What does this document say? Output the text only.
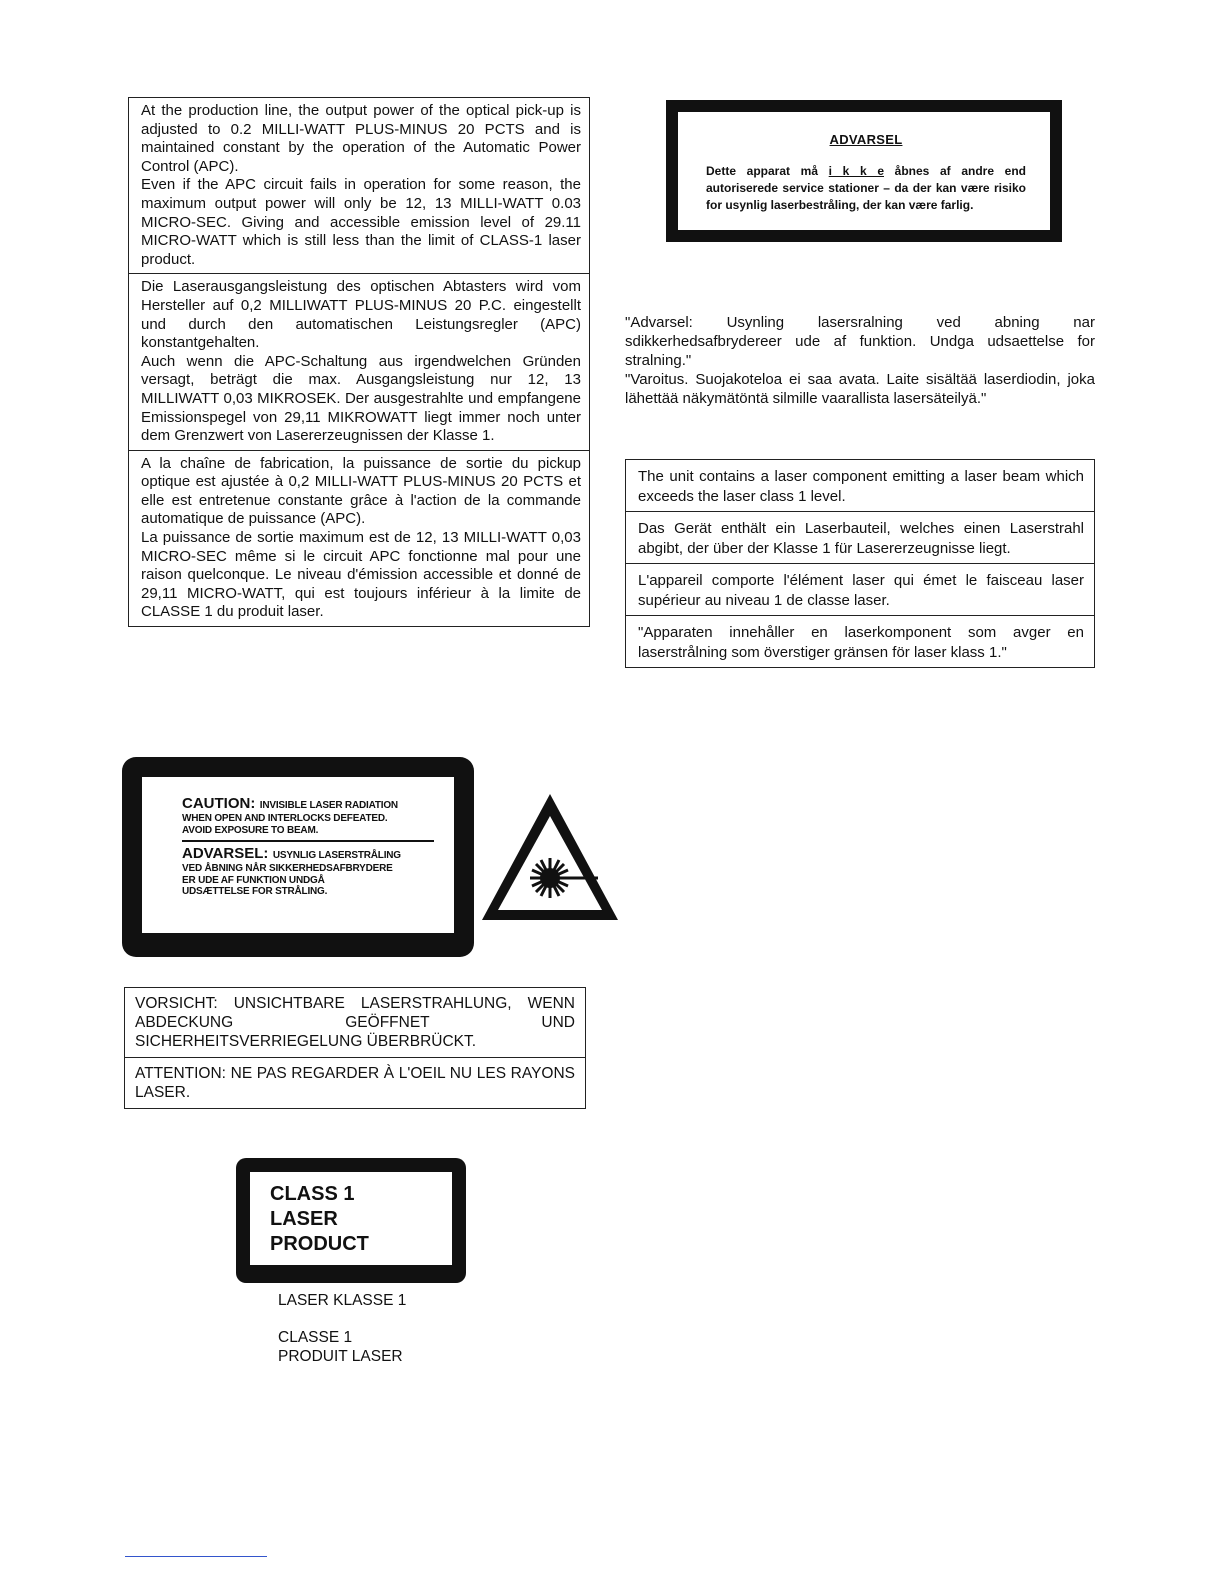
At the production line, the output power of the optical pick-up is adjusted to 0.2 MILLI-WATT PLUS-MINUS 20 PCTS and is maintained constant by the operation of the Automatic Power Control (APC).
Even if the APC circuit fails in operation for some reason, the maximum output power will only be 12, 13 MILLI-WATT 0.03 MICRO-SEC. Giving and accessible emission level of 29.11 MICRO-WATT which is still less than the limit of CLASS-1 laser product.
Die Laserausgangsleistung des optischen Abtasters wird vom Hersteller auf 0,2 MILLIWATT PLUS-MINUS 20 P.C. eingestellt und durch den automatischen Leistungsregler (APC) konstantgehalten.
Auch wenn die APC-Schaltung aus irgendwelchen Gründen versagt, beträgt die max. Ausgangsleistung nur 12, 13 MILLIWATT 0,03 MIKROSEK. Der ausgestrahlte und empfangene Emissionspegel von 29,11 MIKROWATT liegt immer noch unter dem Grenzwert von Lasererzeugnissen der Klasse 1.
A la chaîne de fabrication, la puissance de sortie du pickup optique est ajustée à 0,2 MILLI-WATT PLUS-MINUS 20 PCTS et elle est entretenue constante grâce à l'action de la commande automatique de puissance (APC).
La puissance de sortie maximum est de 12, 13 MILLI-WATT 0,03 MICRO-SEC même si le circuit APC fonctionne mal pour une raison quelconque. Le niveau d'émission accessible et donné de 29,11 MICRO-WATT, qui est toujours inférieur à la limite de CLASSE 1 du produit laser.
ADVARSEL
Dette apparat må i k k e åbnes af andre end autoriserede service stationer – da der kan være risiko for usynlig laserbestråling, der kan være farlig.

"Advarsel: Usynling lasersralning ved abning nar sdikkerhedsafbrydereer ude af funktion. Undga udsaettelse for stralning."

"Varoitus. Suojakoteloa ei saa avata. Laite sisältää laserdiodin, joka lähettää näkymätöntä silmille vaarallista lasersäteilyä."

The unit contains a laser component emitting a laser beam which exceeds the laser class 1 level.
Das Gerät enthält ein Laserbauteil, welches einen Laserstrahl abgibt, der über der Klasse 1 für Lasererzeugnisse liegt.
L'appareil comporte l'élément laser qui émet le faisceau laser supérieur au niveau 1 de classe laser.
"Apparaten innehåller en laserkomponent som avger en laserstrålning som överstiger gränsen för laser klass 1."
CAUTION: INVISIBLE LASER RADIATION
WHEN OPEN AND INTERLOCKS DEFEATED.
AVOID EXPOSURE TO BEAM.
ADVARSEL: USYNLIG LASERSTRÅLING
VED ÅBNING NÅR SIKKERHEDSAFBRYDERE
ER UDE AF FUNKTION UNDGÅ
UDSÆTTELSE FOR STRÅLING.
VORSICHT: UNSICHTBARE LASERSTRAHLUNG, WENN ABDECKUNG GEÖFFNET UND SICHERHEITSVERRIEGELUNG ÜBERBRÜCKT.
ATTENTION: NE PAS REGARDER À L'OEIL NU LES RAYONS LASER.
CLASS 1
LASER PRODUCT
LASER KLASSE 1
CLASSE 1
PRODUIT LASER
